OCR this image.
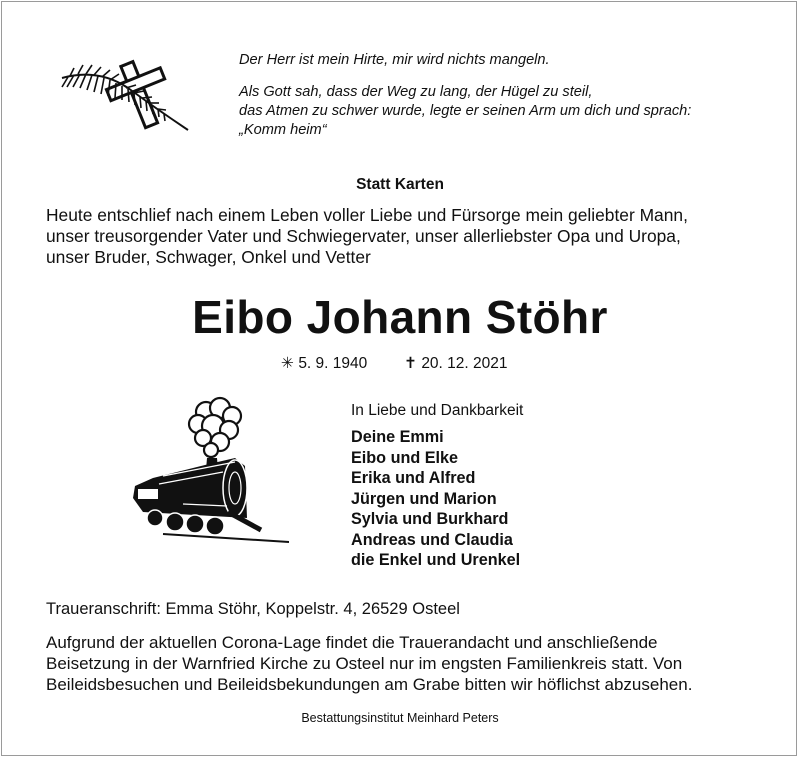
Der Herr ist mein Hirte, mir wird nichts mangeln.

Als Gott sah, dass der Weg zu lang, der Hügel zu steil,

das Atmen zu schwer wurde, legte er seinen Arm um dich und sprach:

„Komm heim“

Statt Karten
Heute entschlief nach einem Leben voller Liebe und Fürsorge mein geliebter Mann,
unser treusorgender Vater und Schwiegervater, unser allerliebster Opa und Uropa,
unser Bruder, Schwager, Onkel und Vetter
Eibo Johann Stöhr
✳ 5. 9. 1940 ✝ 20. 12. 2021
In Liebe und Dankbarkeit
Deine Emmi
Eibo und Elke
Erika und Alfred
Jürgen und Marion
Sylvia und Burkhard
Andreas und Claudia
die Enkel und Urenkel
Traueranschrift: Emma Stöhr, Koppelstr. 4, 26529 Osteel
Aufgrund der aktuellen Corona-Lage findet die Trauerandacht und anschließende
Beisetzung in der Warnfried Kirche zu Osteel nur im engsten Familienkreis statt. Von
Beileidsbesuchen und Beileidsbekundungen am Grabe bitten wir höflichst abzusehen.
Bestattungsinstitut Meinhard Peters
